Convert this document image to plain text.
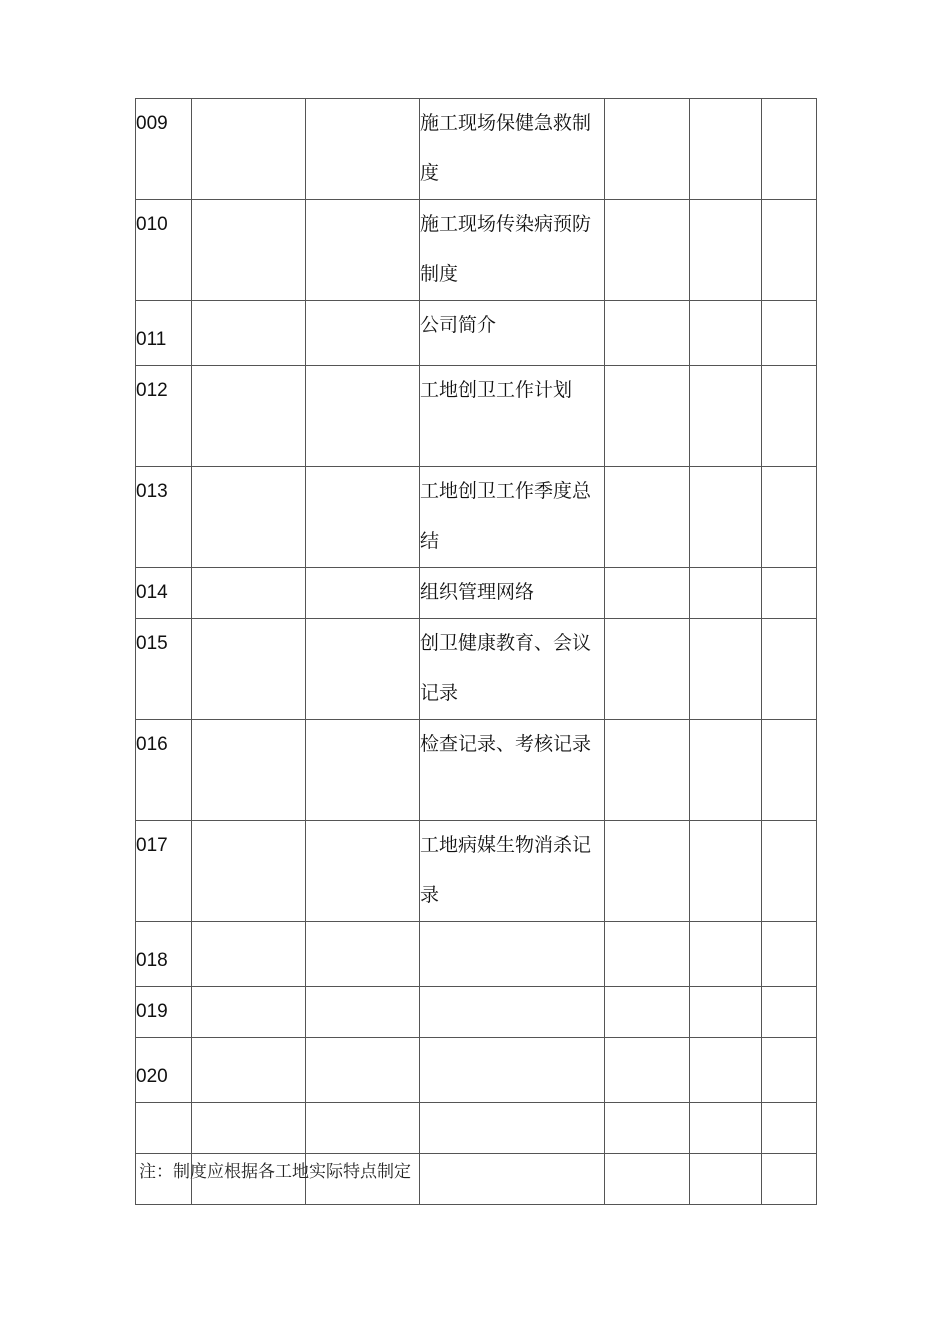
009			施工现场保健急救制度			

010			施工现场传染病预防制度			

011			公司简介			

012			工地创卫工作计划			

013			工地创卫工作季度总结			

014			组织管理网络			

015			创卫健康教育、会议记录			

016			检查记录、考核记录			

017			工地病媒生物消杀记录			

018			

019			

020			

注：制度应根据各工地实际特点制定
